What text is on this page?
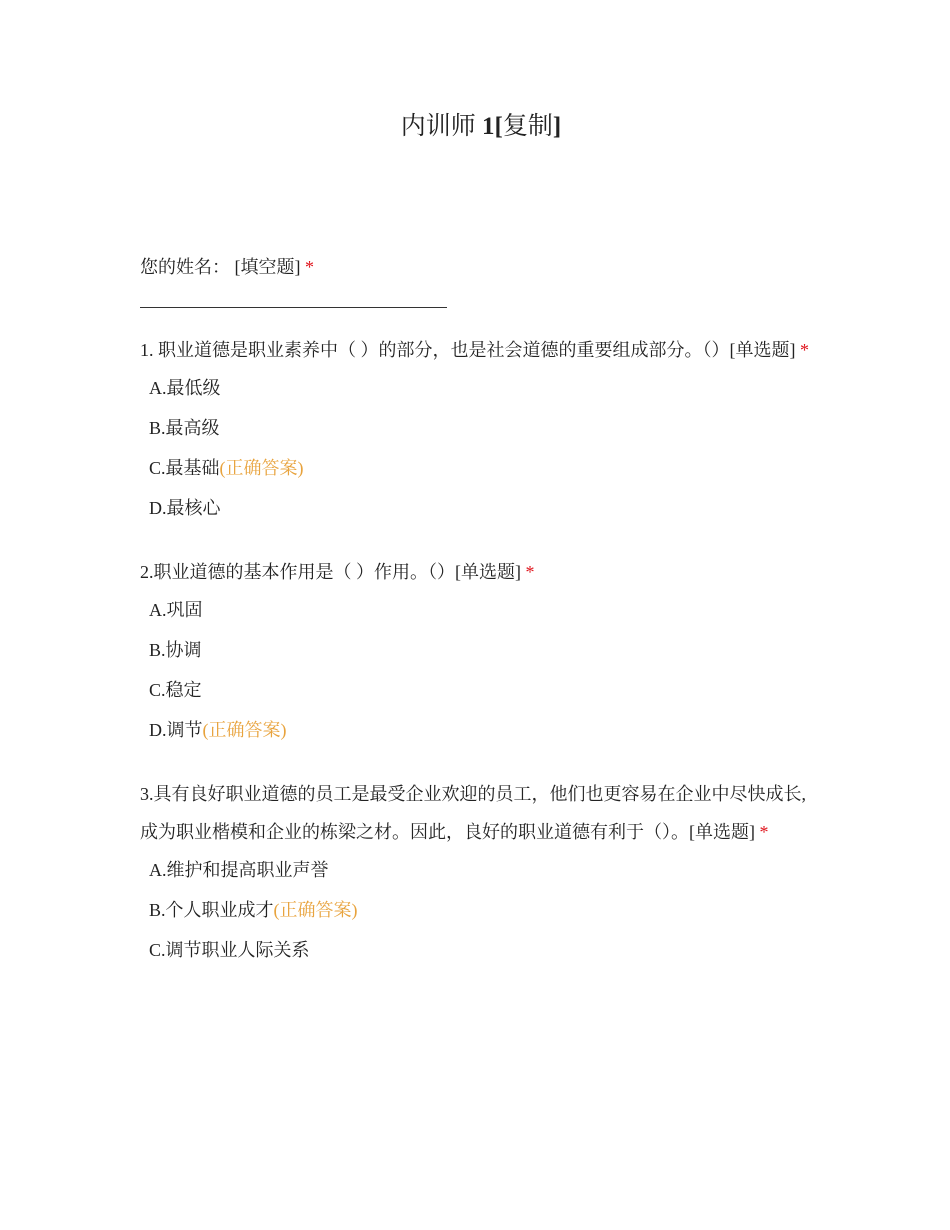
内训师 1[复制]
您的姓名： [填空题] *
1. 职业道德是职业素养中（ ）的部分，也是社会道德的重要组成部分。（）[单选题] *
A.最低级
B.最高级
C.最基础(正确答案)
D.最核心
2.职业道德的基本作用是（ ）作用。（）[单选题] *
A.巩固
B.协调
C.稳定
D.调节(正确答案)
3.具有良好职业道德的员工是最受企业欢迎的员工，他们也更容易在企业中尽快成长,成为职业楷模和企业的栋梁之材。因此，良好的职业道德有利于（）。[单选题] *
A.维护和提高职业声誉
B.个人职业成才(正确答案)
C.调节职业人际关系
